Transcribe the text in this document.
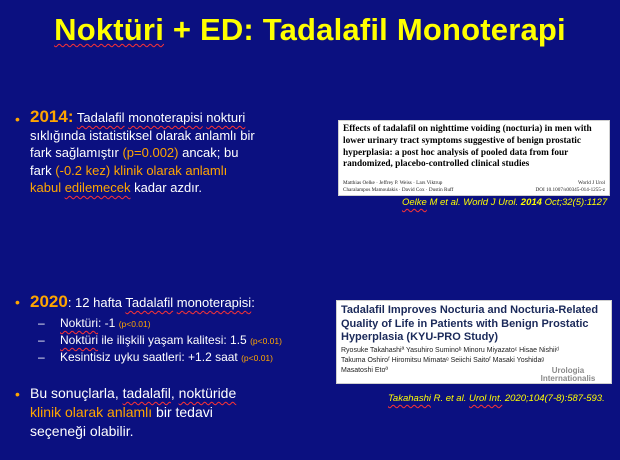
Noktüri + ED: Tadalafil Monoterapi
• 2014: Tadalafil monoterapisi nokturi
sıklığında istatistiksel olarak anlamlı bir
fark sağlamıştır (p=0.002) ancak; bu
fark (-0.2 kez) klinik olarak anlamlı
kabul edilemecek kadar azdır.
Effects of tadalafil on nighttime voiding (nocturia) in men with lower urinary tract symptoms suggestive of benign prostatic hyperplasia: a post hoc analysis of pooled data from four randomized, placebo-controlled clinical studies
Matthias Oelke · Jeffrey P. Weiss · Lars Viktrup
Charalampos Mamoulakis · David Cox · Dustin Ruff
World J Urol
DOI 10.1007/s00345-014-1255-z
Oelke M et al. World J Urol. 2014 Oct;32(5):1127
• 2020: 12 hafta Tadalafil monoterapisi:
– Noktüri: -1 (p<0.01)
– Noktüri ile ilişkili yaşam kalitesi: 1.5 (p<0.01)
– Kesintisiz uyku saatleri: +1.2 saat (p<0.01)
Tadalafil Improves Nocturia and Nocturia-Related Quality of Life in Patients with Benign Prostatic Hyperplasia (KYU-PRO Study)
Ryosuke Takahashiª Yasuhiro Suminoᵇ Minoru Miyazatoᶜ Hisae Nishiiᵈ
Takuma Oshiroᶠ Hiromitsu Mimataᵉ Seiichi Saitoᶠ Masaki Yoshidaᵍ
Masatoshi Etoª	Urologia
Internationalis
Takahashi R. et al. Urol Int. 2020;104(7-8):587-593.
• Bu sonuçlarla, tadalafil, noktüride
klinik olarak anlamlı bir tedavi
seçeneği olabilir.
